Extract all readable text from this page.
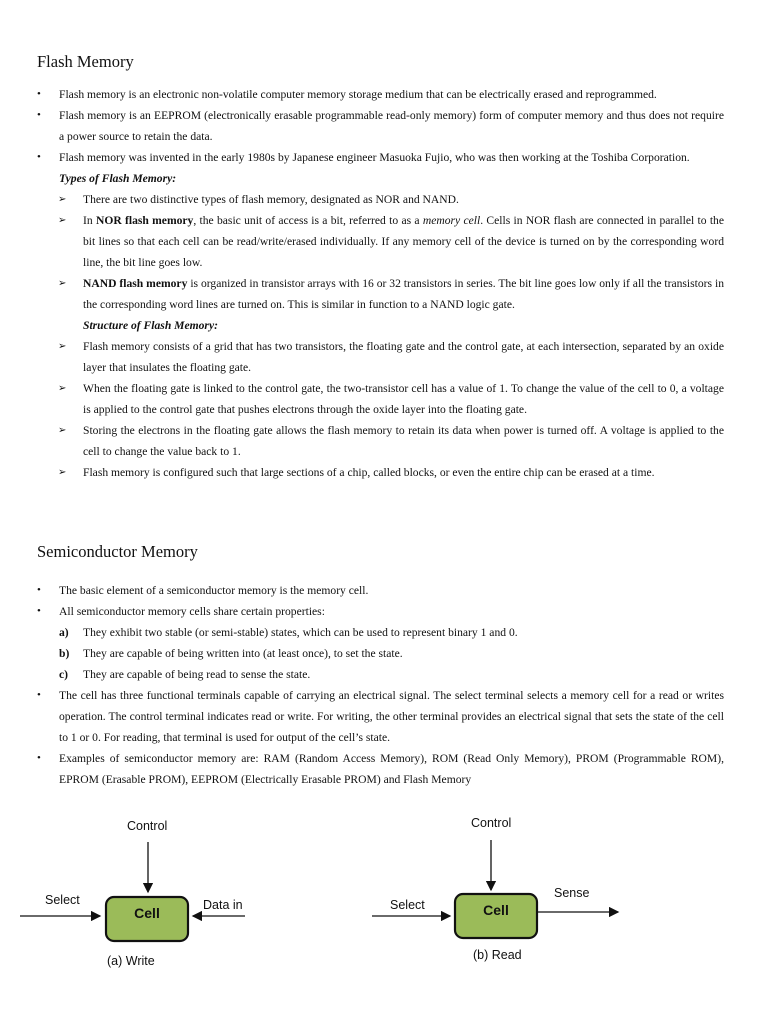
Flash Memory
• Flash memory is an electronic non-volatile computer memory storage medium that can be electrically erased and reprogrammed.
• Flash memory is an EEPROM (electronically erasable programmable read-only memory) form of computer memory and thus does not require a power source to retain the data.
• Flash memory was invented in the early 1980s by Japanese engineer Masuoka Fujio, who was then working at the Toshiba Corporation.
Types of Flash Memory:
➢ There are two distinctive types of flash memory, designated as NOR and NAND.
➢ In NOR flash memory, the basic unit of access is a bit, referred to as a memory cell. Cells in NOR flash are connected in parallel to the bit lines so that each cell can be read/write/erased individually. If any memory cell of the device is turned on by the corresponding word line, the bit line goes low.
➢ NAND flash memory is organized in transistor arrays with 16 or 32 transistors in series. The bit line goes low only if all the transistors in the corresponding word lines are turned on. This is similar in function to a NAND logic gate.
Structure of Flash Memory:
➢ Flash memory consists of a grid that has two transistors, the floating gate and the control gate, at each intersection, separated by an oxide layer that insulates the floating gate.
➢ When the floating gate is linked to the control gate, the two-transistor cell has a value of 1. To change the value of the cell to 0, a voltage is applied to the control gate that pushes electrons through the oxide layer into the floating gate.
➢ Storing the electrons in the floating gate allows the flash memory to retain its data when power is turned off. A voltage is applied to the cell to change the value back to 1.
➢ Flash memory is configured such that large sections of a chip, called blocks, or even the entire chip can be erased at a time.
Semiconductor Memory
• The basic element of a semiconductor memory is the memory cell.
• All semiconductor memory cells share certain properties:
a) They exhibit two stable (or semi-stable) states, which can be used to represent binary 1 and 0.
b) They are capable of being written into (at least once), to set the state.
c) They are capable of being read to sense the state.
• The cell has three functional terminals capable of carrying an electrical signal. The select terminal selects a memory cell for a read or writes operation. The control terminal indicates read or write. For writing, the other terminal provides an electrical signal that sets the state of the cell to 1 or 0. For reading, that terminal is used for output of the cell’s state.
• Examples of semiconductor memory are: RAM (Random Access Memory), ROM (Read Only Memory), PROM (Programmable ROM), EPROM (Erasable PROM), EEPROM (Electrically Erasable PROM) and Flash Memory
Control
Select	Data in
Cell
(a) Write
Control
Select
Sense
Cell
(b) Read
